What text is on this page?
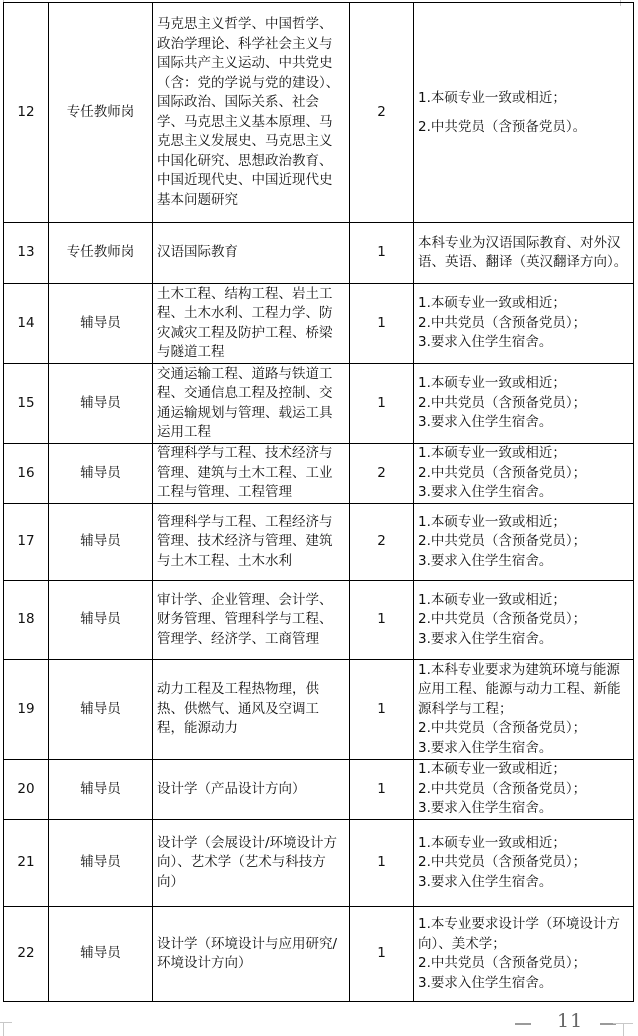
12	专任教师岗	马克思主义哲学、中国哲学、政治学理论、科学社会主义与国际共产主义运动、中共党史（含：党的学说与党的建设）、国际政治、国际关系、社会学、马克思主义基本原理、马克思主义发展史、马克思主义中国化研究、思想政治教育、中国近现代史、中国近现代史基本问题研究	2	1.本硕专业一致或相近；
2.中共党员（含预备党员）。

13	专任教师岗	汉语国际教育	1	本科专业为汉语国际教育、对外汉语、英语、翻译（英汉翻译方向）。

14	辅导员	土木工程、结构工程、岩土工程、土木水利、工程力学、防灾减灾工程及防护工程、桥梁与隧道工程	1	1.本硕专业一致或相近；
2.中共党员（含预备党员）；
3.要求入住学生宿舍。

15	辅导员	交通运输工程、道路与铁道工程、交通信息工程及控制、交通运输规划与管理、载运工具运用工程	1	1.本硕专业一致或相近；
2.中共党员（含预备党员）；
3.要求入住学生宿舍。

16	辅导员	管理科学与工程、技术经济与管理、建筑与土木工程、工业工程与管理、工程管理	2	1.本硕专业一致或相近；
2.中共党员（含预备党员）；
3.要求入住学生宿舍。

17	辅导员	管理科学与工程、工程经济与管理、技术经济与管理、建筑与土木工程、土木水利	2	1.本硕专业一致或相近；
2.中共党员（含预备党员）；
3.要求入住学生宿舍。

18	辅导员	审计学、企业管理、会计学、财务管理、管理科学与工程、管理学、经济学、工商管理	1	1.本硕专业一致或相近；
2.中共党员（含预备党员）；
3.要求入住学生宿舍。

19	辅导员	动力工程及工程热物理，供热、供燃气、通风及空调工程，能源动力	1	1.本科专业要求为建筑环境与能源应用工程、能源与动力工程、新能源科学与工程；
2.中共党员（含预备党员）；
3.要求入住学生宿舍。

20	辅导员	设计学（产品设计方向）	1	1.本硕专业一致或相近；
2.中共党员（含预备党员）；
3.要求入住学生宿舍。

21	辅导员	设计学（会展设计/环境设计方向）、艺术学（艺术与科技方向）	1	1.本硕专业一致或相近；
2.中共党员（含预备党员）；
3.要求入住学生宿舍。

22	辅导员	设计学（环境设计与应用研究/环境设计方向）	1	1.本专业要求设计学（环境设计方向）、美术学；
2.中共党员（含预备党员）；
3.要求入住学生宿舍。
11
